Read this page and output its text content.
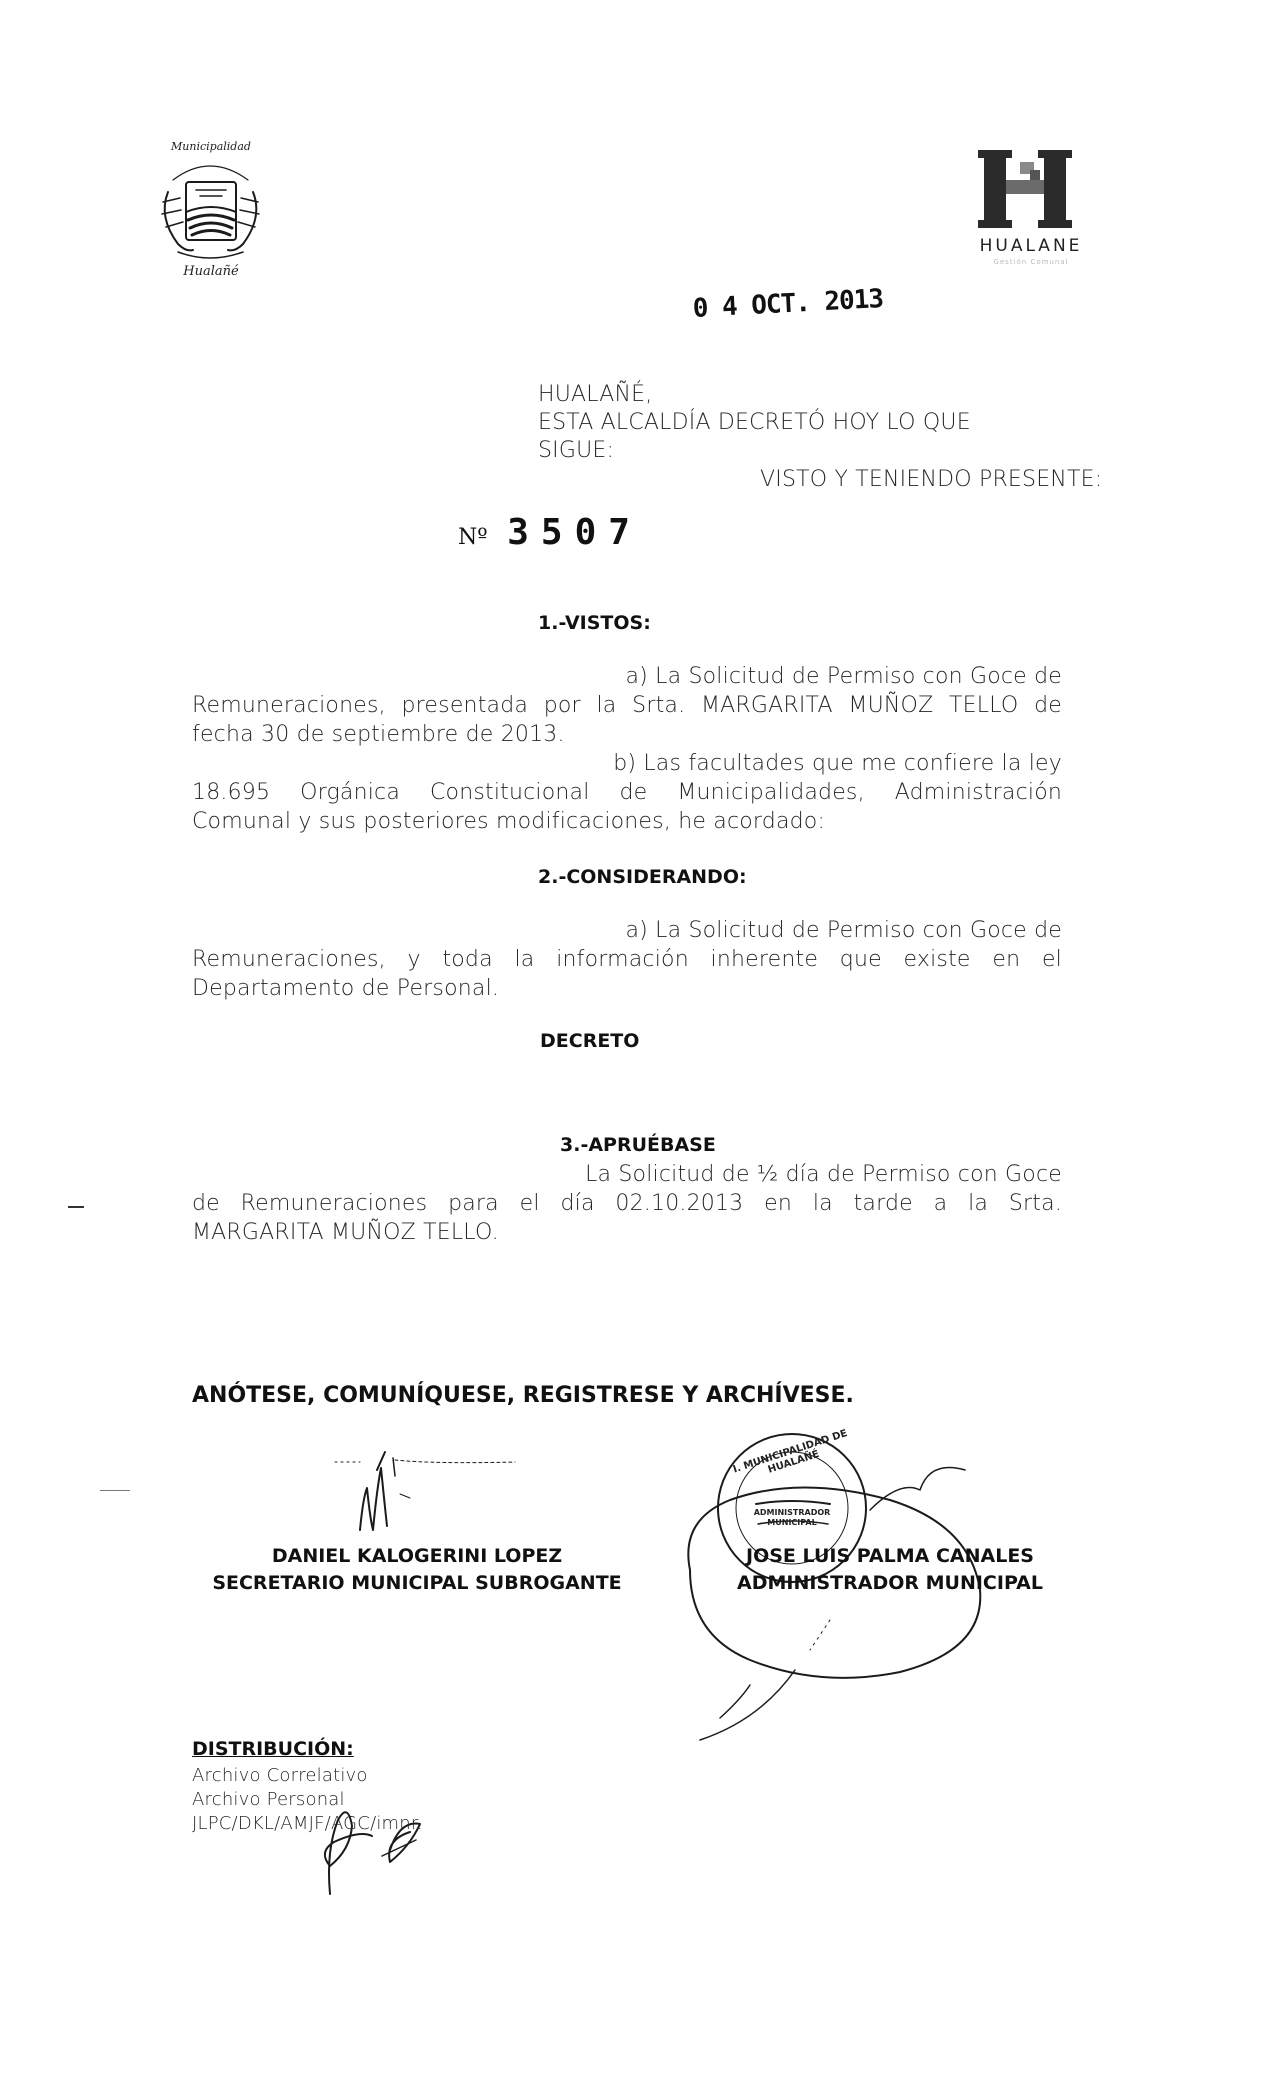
Municipalidad
Hualañé
HUALANE
Gestión Comunal
0 4 OCT. 2013
HUALAÑÉ,
ESTA ALCALDÍA DECRETÓ HOY LO QUE
SIGUE:
VISTO Y TENIENDO PRESENTE:
Nº 3507
1.-VISTOS:
a) La Solicitud de Permiso con Goce de
Remuneraciones, presentada por la Srta. MARGARITA MUÑOZ TELLO de
fecha 30 de septiembre de 2013.
b) Las facultades que me confiere la ley
18.695 Orgánica Constitucional de Municipalidades, Administración
Comunal y sus posteriores modificaciones, he acordado:
2.-CONSIDERANDO:
a) La Solicitud de Permiso con Goce de
Remuneraciones, y toda la información inherente que existe en el
Departamento de Personal.
DECRETO
3.-APRUÉBASE
La Solicitud de ½ día de Permiso con Goce
de Remuneraciones para el día 02.10.2013 en la tarde a la Srta.
MARGARITA MUÑOZ TELLO.
ANÓTESE, COMUNÍQUESE, REGISTRESE Y ARCHÍVESE.
DANIEL KALOGERINI LOPEZ
SECRETARIO MUNICIPAL SUBROGANTE
I. MUNICIPALIDAD DE HUALAÑÉ
ADMINISTRADOR MUNICIPAL
JOSE LUIS PALMA CANALES
ADMINISTRADOR MUNICIPAL
DISTRIBUCIÓN:
Archivo Correlativo
Archivo Personal
JLPC/DKL/AMJF/AGC/imnr.
